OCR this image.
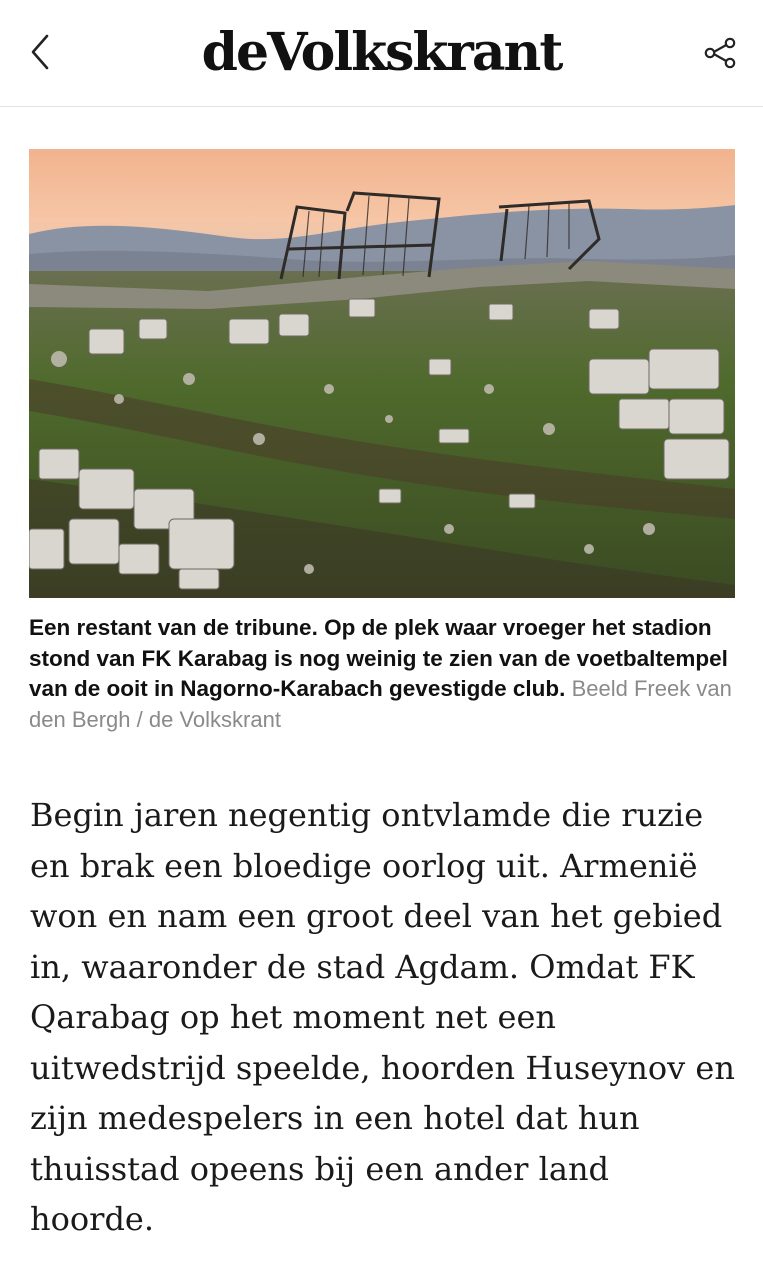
deVolkskrant
Een restant van de tribune. Op de plek waar vroeger het stadion stond van FK Karabag is nog weinig te zien van de voetbaltempel van de ooit in Nagorno-Karabach gevestigde club. Beeld Freek van den Bergh / de Volkskrant

Begin jaren negentig ontvlamde die ruzie en brak een bloedige oorlog uit. Armenië won en nam een groot deel van het gebied in, waaronder de stad Agdam. Omdat FK Qarabag op het moment net een uitwedstrijd speelde, hoorden Huseynov en zijn medespelers in een hotel dat hun thuisstad opeens bij een ander land hoorde.
